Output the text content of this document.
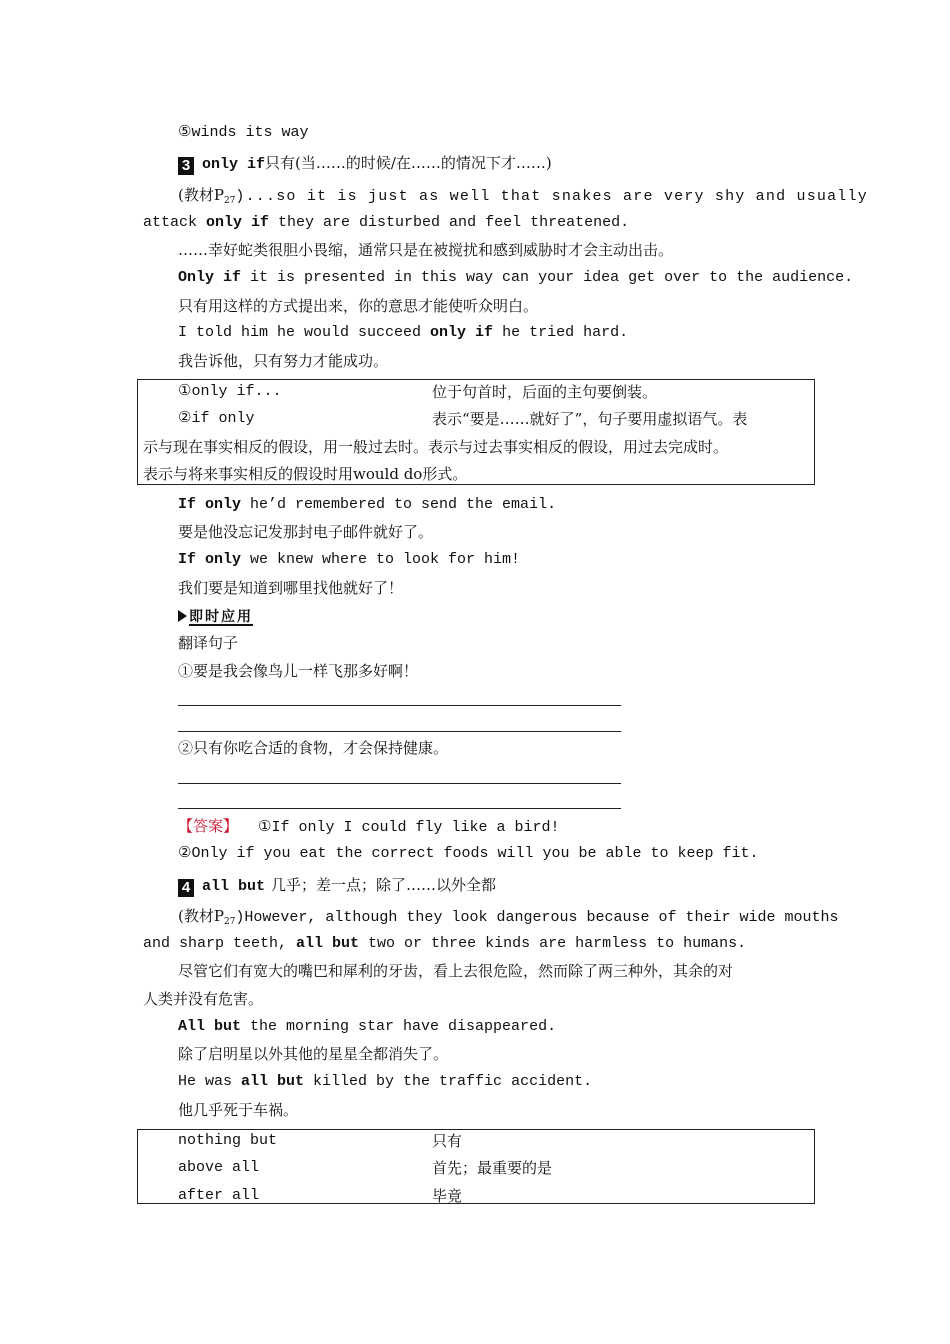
⑤winds its way
3 only if只有(当……的时候/在……的情况下才……)
(教材$P_{27})...so$ it is just as well that snakes are very shy and usually
attack only if they are disturbed and feel threatened.
……幸好蛇类很胆小畏缩，通常只是在被搅扰和感到威胁时才会主动出击。
Only if it is presented in this way can your idea get over to the audience.
只有用这样的方式提出来，你的意思才能使听众明白。
I told him he would succeed only if he tried hard.
我告诉他，只有努力才能成功。
①only if...	位于句首时，后面的主句要倒装。
②if only	表示“要是……就好了”，句子要用虚拟语气。表
示与现在事实相反的假设，用一般过去时。表示与过去事实相反的假设，用过去完成时。
表示与将来事实相反的假设时用would do形式。
If only he’d remembered to send the email.
要是他没忘记发那封电子邮件就好了。
If only we knew where to look for him!
我们要是知道到哪里找他就好了！
即时应用
翻译句子
①要是我会像鸟儿一样飞那多好啊！
②只有你吃合适的食物，才会保持健康。
【答案】 ①If only I could fly like a bird!
②Only if you eat the correct foods will you be able to keep fit.
4 all but 几乎；差一点；除了……以外全都
(教材$P_{27})However$, although they look dangerous because of their wide mouths
and sharp teeth, all but two or three kinds are harmless to humans.
尽管它们有宽大的嘴巴和犀利的牙齿，看上去很危险，然而除了两三种外，其余的对
人类并没有危害。
All but the morning star have disappeared.
除了启明星以外其他的星星全都消失了。
He was all but killed by the traffic accident.
他几乎死于车祸。
nothing but	只有
above all	首先；最重要的是
after all	毕竟
